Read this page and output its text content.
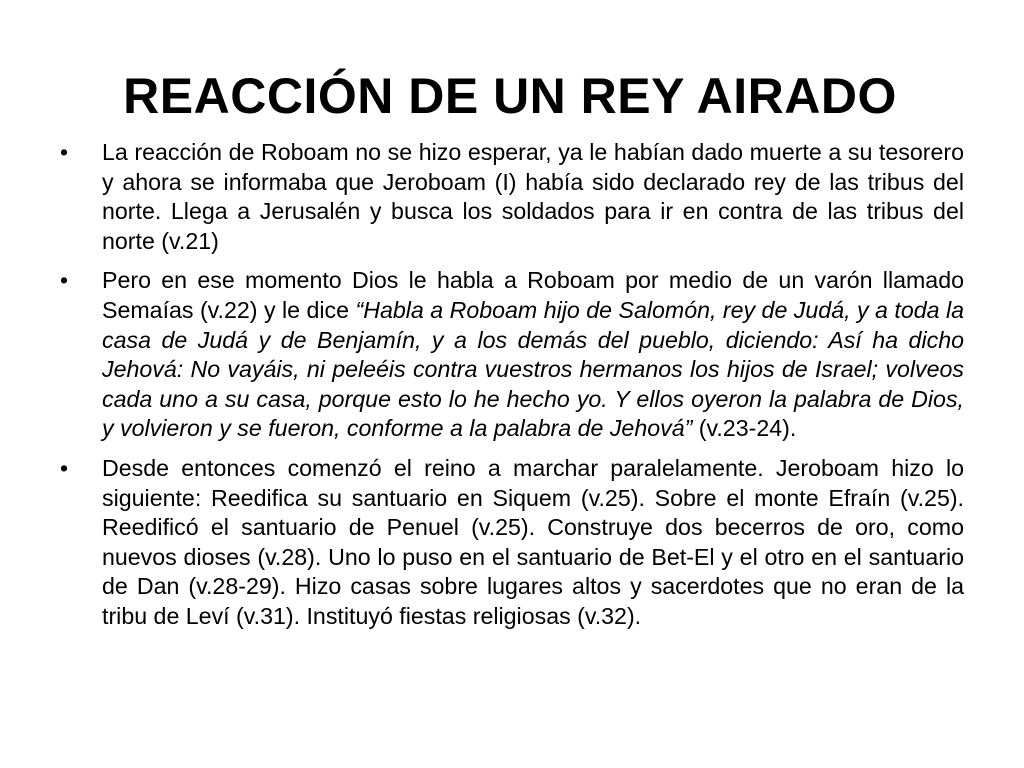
REACCIÓN DE UN REY AIRADO
•	La reacción de Roboam no se hizo esperar, ya le habían dado muerte a su tesorero y ahora se informaba que Jeroboam (I) había sido declarado rey de las tribus del norte. Llega a Jerusalén y busca los soldados para ir en contra de las tribus del norte (v.21)
•	Pero en ese momento Dios le habla a Roboam por medio de un varón llamado Semaías (v.22) y le dice “Habla a Roboam hijo de Salomón, rey de Judá, y a toda la casa de Judá y de Benjamín, y a los demás del pueblo, diciendo: Así ha dicho Jehová: No vayáis, ni peleéis contra vuestros hermanos los hijos de Israel; volveos cada uno a su casa, porque esto lo he hecho yo. Y ellos oyeron la palabra de Dios, y volvieron y se fueron, conforme a la palabra de Jehová” (v.23-24).
•	Desde entonces comenzó el reino a marchar paralelamente. Jeroboam hizo lo siguiente: Reedifica su santuario en Siquem (v.25). Sobre el monte Efraín (v.25). Reedificó el santuario de Penuel (v.25). Construye dos becerros de oro, como nuevos dioses (v.28). Uno lo puso en el santuario de Bet-El y el otro en el santuario de Dan (v.28-29). Hizo casas sobre lugares altos y sacerdotes que no eran de la tribu de Leví (v.31). Instituyó fiestas religiosas (v.32).
